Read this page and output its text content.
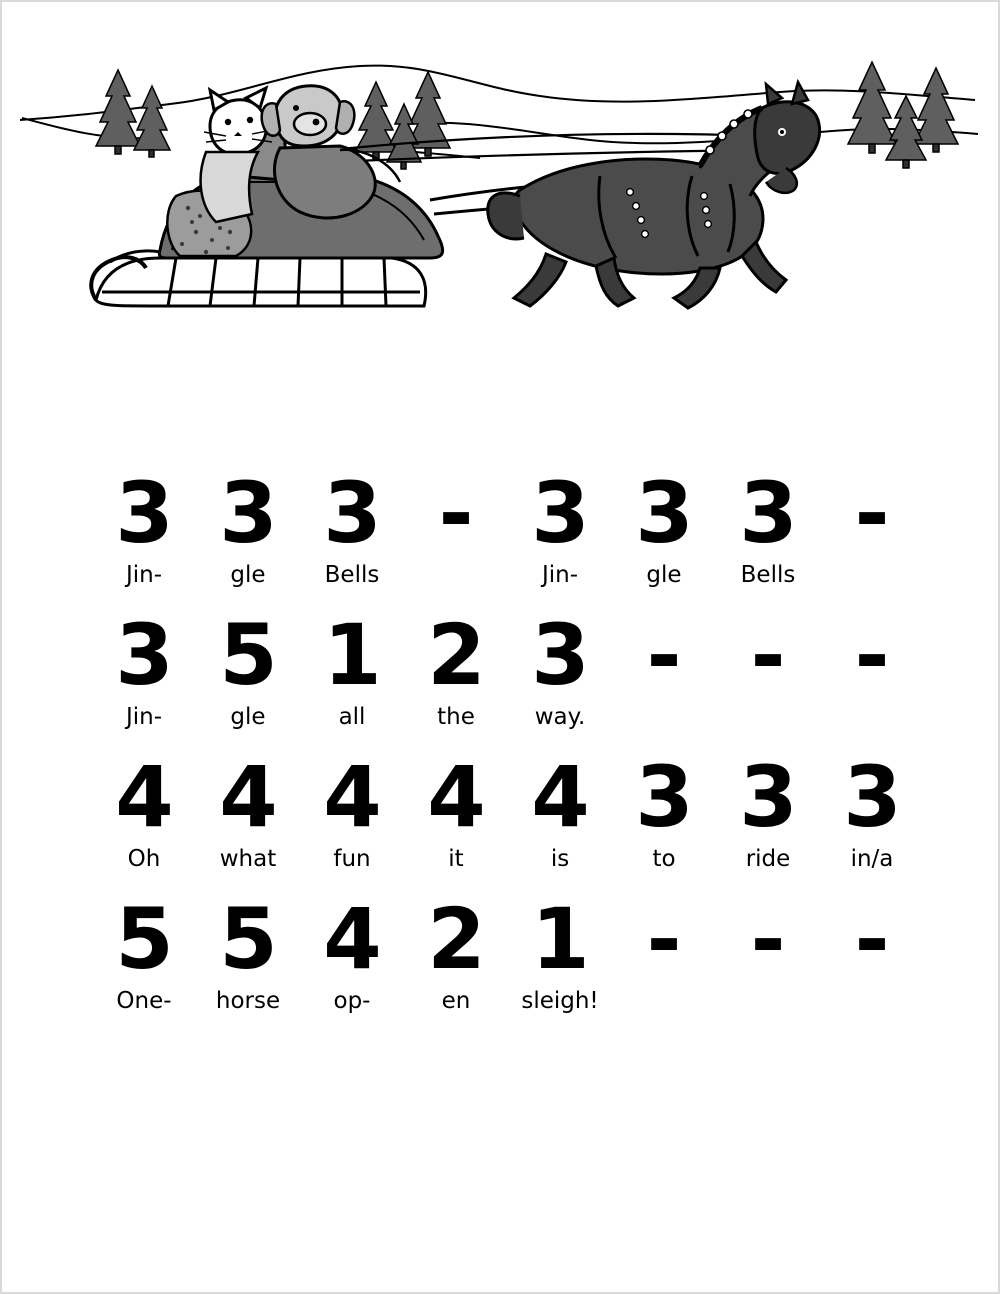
3
Jin-
3
gle
3
Bells
- 3
Jin-
3
gle
3
Bells
-
3
Jin-
5
gle
1
all
2
the
3
way.
- - -
4
Oh
4
what
4
fun
4
it
4
is
3
to
3
ride
3
in/a
5
One-
5
horse
4
op-
2
en
1
sleigh!
- - -
